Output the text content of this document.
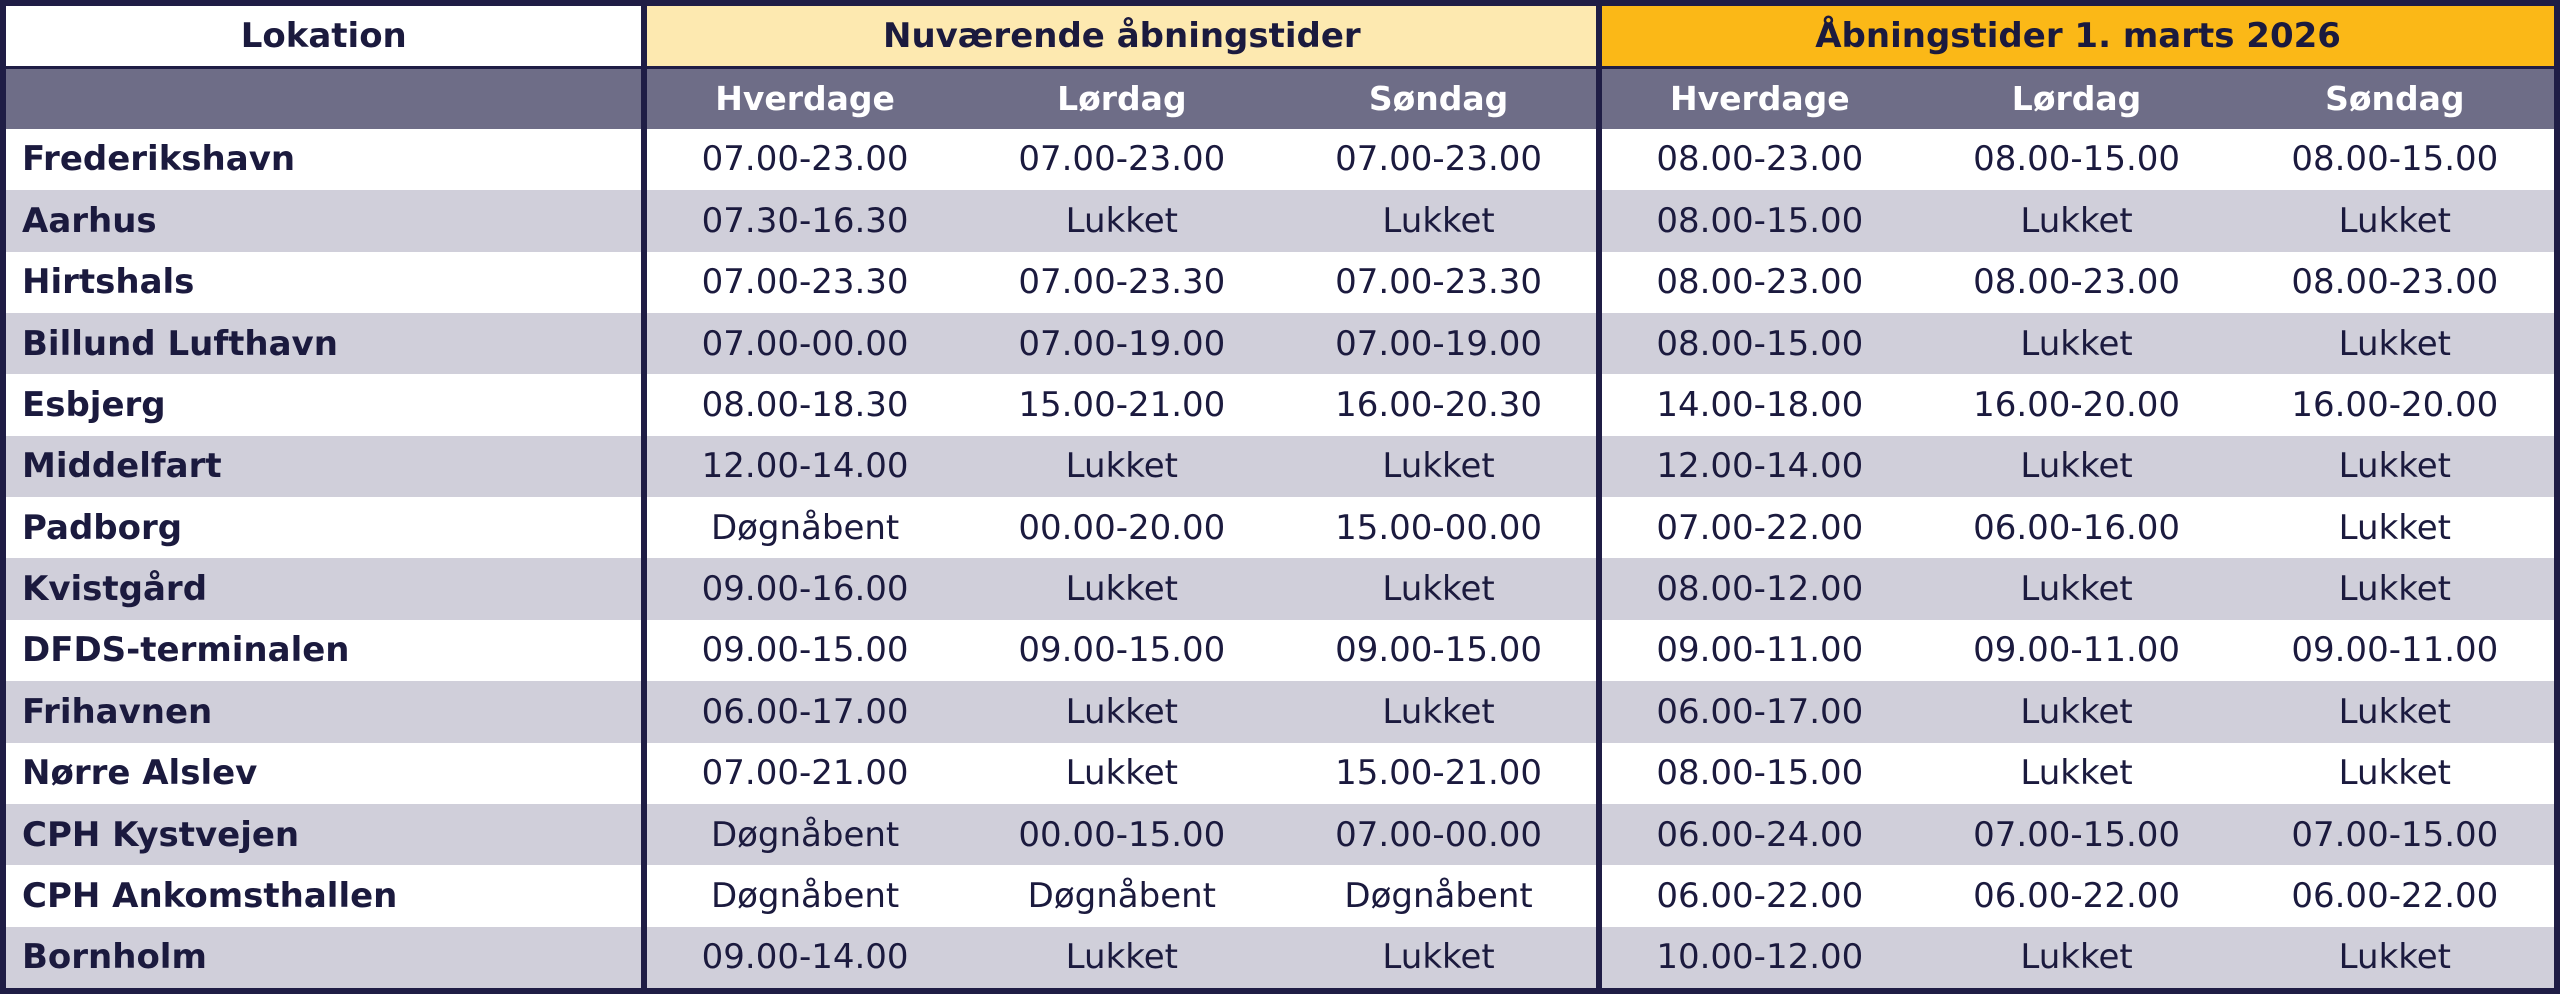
Lokation	Nuværende åbningstider			Åbningstider 1. marts 2026		
	Hverdage	Lørdag	Søndag	Hverdage	Lørdag	Søndag
Frederikshavn	07.00-23.00	07.00-23.00	07.00-23.00	08.00-23.00	08.00-15.00	08.00-15.00
Aarhus	07.30-16.30	Lukket	Lukket	08.00-15.00	Lukket	Lukket
Hirtshals	07.00-23.30	07.00-23.30	07.00-23.30	08.00-23.00	08.00-23.00	08.00-23.00
Billund Lufthavn	07.00-00.00	07.00-19.00	07.00-19.00	08.00-15.00	Lukket	Lukket
Esbjerg	08.00-18.30	15.00-21.00	16.00-20.30	14.00-18.00	16.00-20.00	16.00-20.00
Middelfart	12.00-14.00	Lukket	Lukket	12.00-14.00	Lukket	Lukket
Padborg	Døgnåbent	00.00-20.00	15.00-00.00	07.00-22.00	06.00-16.00	Lukket
Kvistgård	09.00-16.00	Lukket	Lukket	08.00-12.00	Lukket	Lukket
DFDS-terminalen	09.00-15.00	09.00-15.00	09.00-15.00	09.00-11.00	09.00-11.00	09.00-11.00
Frihavnen	06.00-17.00	Lukket	Lukket	06.00-17.00	Lukket	Lukket
Nørre Alslev	07.00-21.00	Lukket	15.00-21.00	08.00-15.00	Lukket	Lukket
CPH Kystvejen	Døgnåbent	00.00-15.00	07.00-00.00	06.00-24.00	07.00-15.00	07.00-15.00
CPH Ankomsthallen	Døgnåbent	Døgnåbent	Døgnåbent	06.00-22.00	06.00-22.00	06.00-22.00
Bornholm	09.00-14.00	Lukket	Lukket	10.00-12.00	Lukket	Lukket
